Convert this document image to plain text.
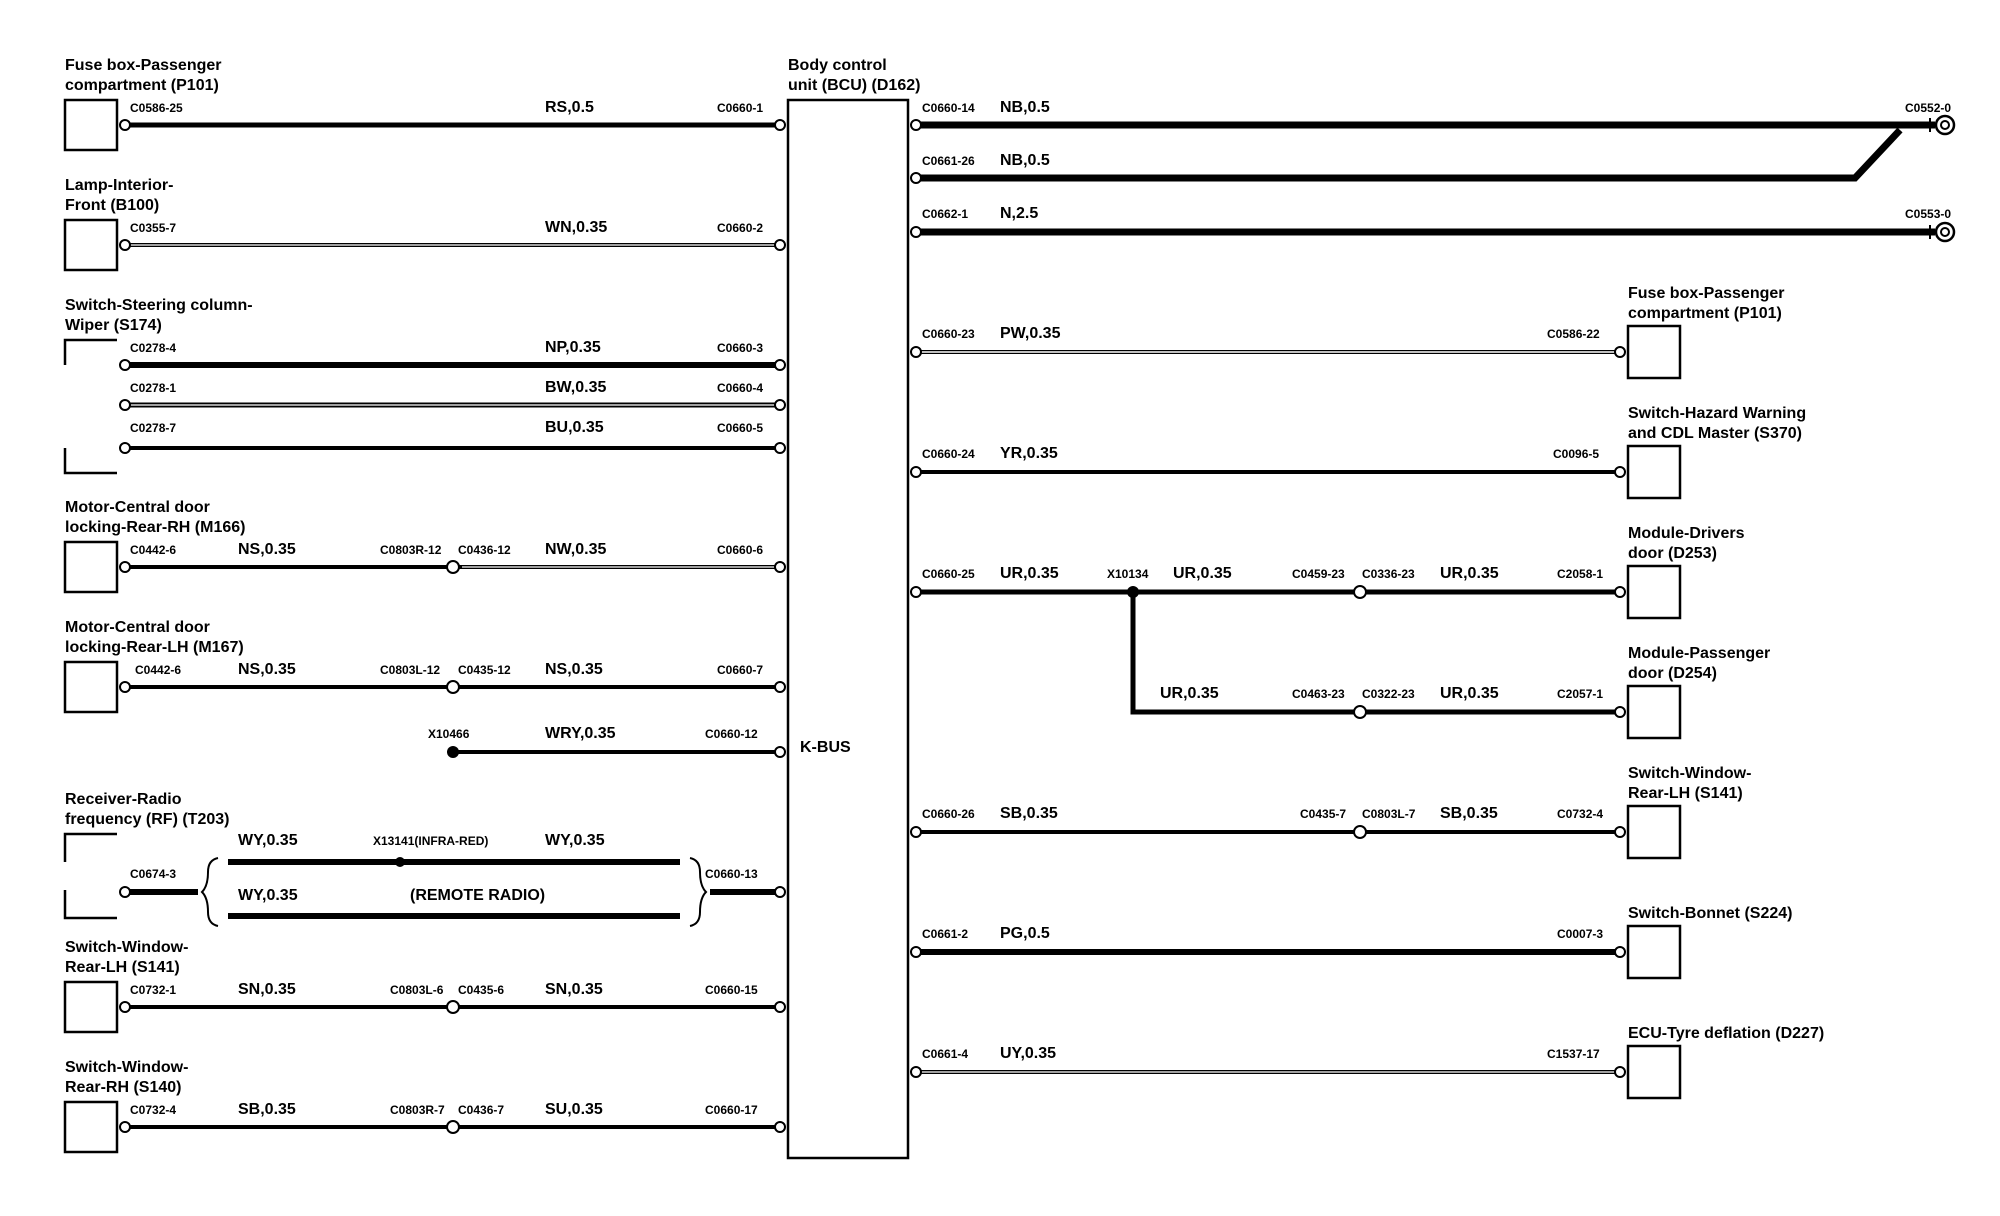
Body control
unit (BCU) (D162)
K-BUS
Fuse box-Passenger
compartment (P101)
C0586-25	RS,0.5	C0660-1
Lamp-Interior-
Front (B100)
C0355-7	WN,0.35	C0660-2
Switch-Steering column-
Wiper (S174)
C0278-4	NP,0.35	C0660-3
C0278-1	BW,0.35	C0660-4
C0278-7	BU,0.35	C0660-5
Motor-Central door
locking-Rear-RH (M166)
C0442-6	NS,0.35	C0803R-12 C0436-12 NW,0.35	C0660-6
Motor-Central door
locking-Rear-LH (M167)
C0442-6	NS,0.35	C0803L-12 C0435-12 NS,0.35	C0660-7
X10466	WRY,0.35	C0660-12
Receiver-Radio
frequency (RF) (T203)
C0674-3
WY,0.35	X13141(INFRA-RED)	WY,0.35
WY,0.35	(REMOTE RADIO)
C0660-13
Switch-Window-
Rear-LH (S141)
C0732-1	SN,0.35	C0803L-6 C0435-6	SN,0.35	C0660-15
Switch-Window-
Rear-RH (S140)
C0732-4	SB,0.35	C0803R-7 C0436-7	SU,0.35	C0660-17
C0660-14 NB,0.5	C0552-0
C0661-26 NB,0.5
C0662-1 N,2.5	C0553-0
C0660-23 PW,0.35	C0586-22
Fuse box-Passenger
compartment (P101)
C0660-24 YR,0.35	C0096-5
Switch-Hazard Warning
and CDL Master (S370)
C0660-25 UR,0.35	X10134 UR,0.35	C0459-23 C0336-23 UR,0.35	C2058-1
Module-Drivers
door (D253)
UR,0.35	C0463-23 C0322-23 UR,0.35	C2057-1
Module-Passenger
door (D254)
C0660-26 SB,0.35	C0435-7 C0803L-7 SB,0.35	C0732-4
Switch-Window-
Rear-LH (S141)
C0661-2 PG,0.5	C0007-3
Switch-Bonnet (S224)
C0661-4 UY,0.35	C1537-17
ECU-Tyre deflation (D227)
